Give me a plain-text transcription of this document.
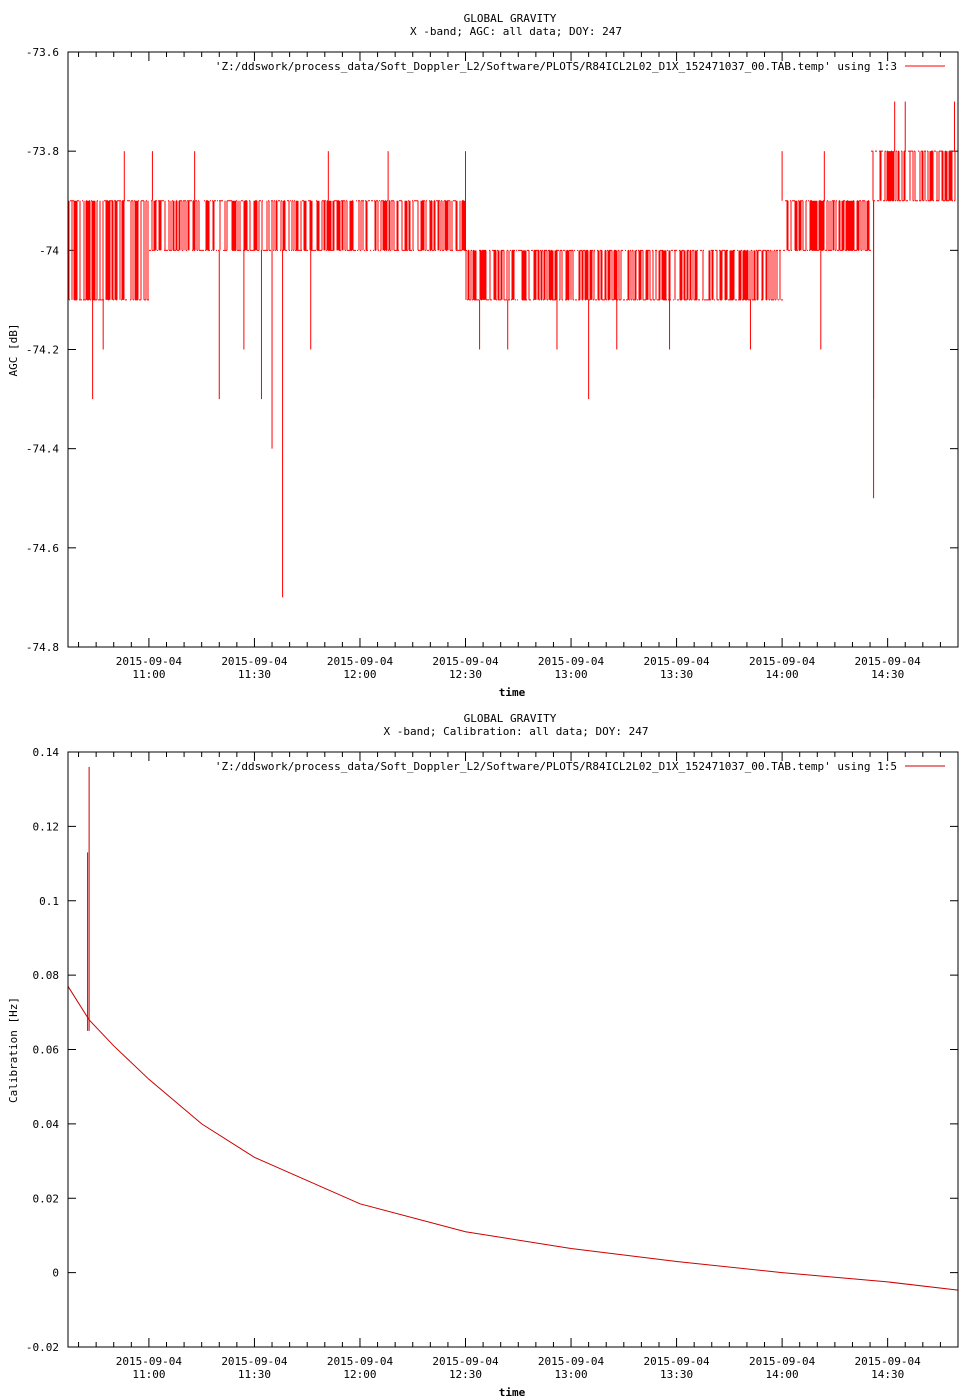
GLOBAL GRAVITY
X -band; AGC: all data; DOY: 247
-73.6
-73.8
-74
-74.2
-74.4
-74.6
-74.8
2015-09-04
11:00
2015-09-04
11:30
2015-09-04
12:00
2015-09-04
12:30
2015-09-04
13:00
2015-09-04
13:30
2015-09-04
14:00
2015-09-04
14:30
'Z:/ddswork/process_data/Soft_Doppler_L2/Software/PLOTS/R84ICL2L02_D1X_152471037_00.TAB.temp' using 1:3
AGC [dB]
time
GLOBAL GRAVITY
X -band; Calibration: all data; DOY: 247
0.14
0.12
0.1
0.08
0.06
0.04
0.02
0
-0.02
2015-09-04
11:00
2015-09-04
11:30
2015-09-04
12:00
2015-09-04
12:30
2015-09-04
13:00
2015-09-04
13:30
2015-09-04
14:00
2015-09-04
14:30
'Z:/ddswork/process_data/Soft_Doppler_L2/Software/PLOTS/R84ICL2L02_D1X_152471037_00.TAB.temp' using 1:5
Calibration [Hz]
time
